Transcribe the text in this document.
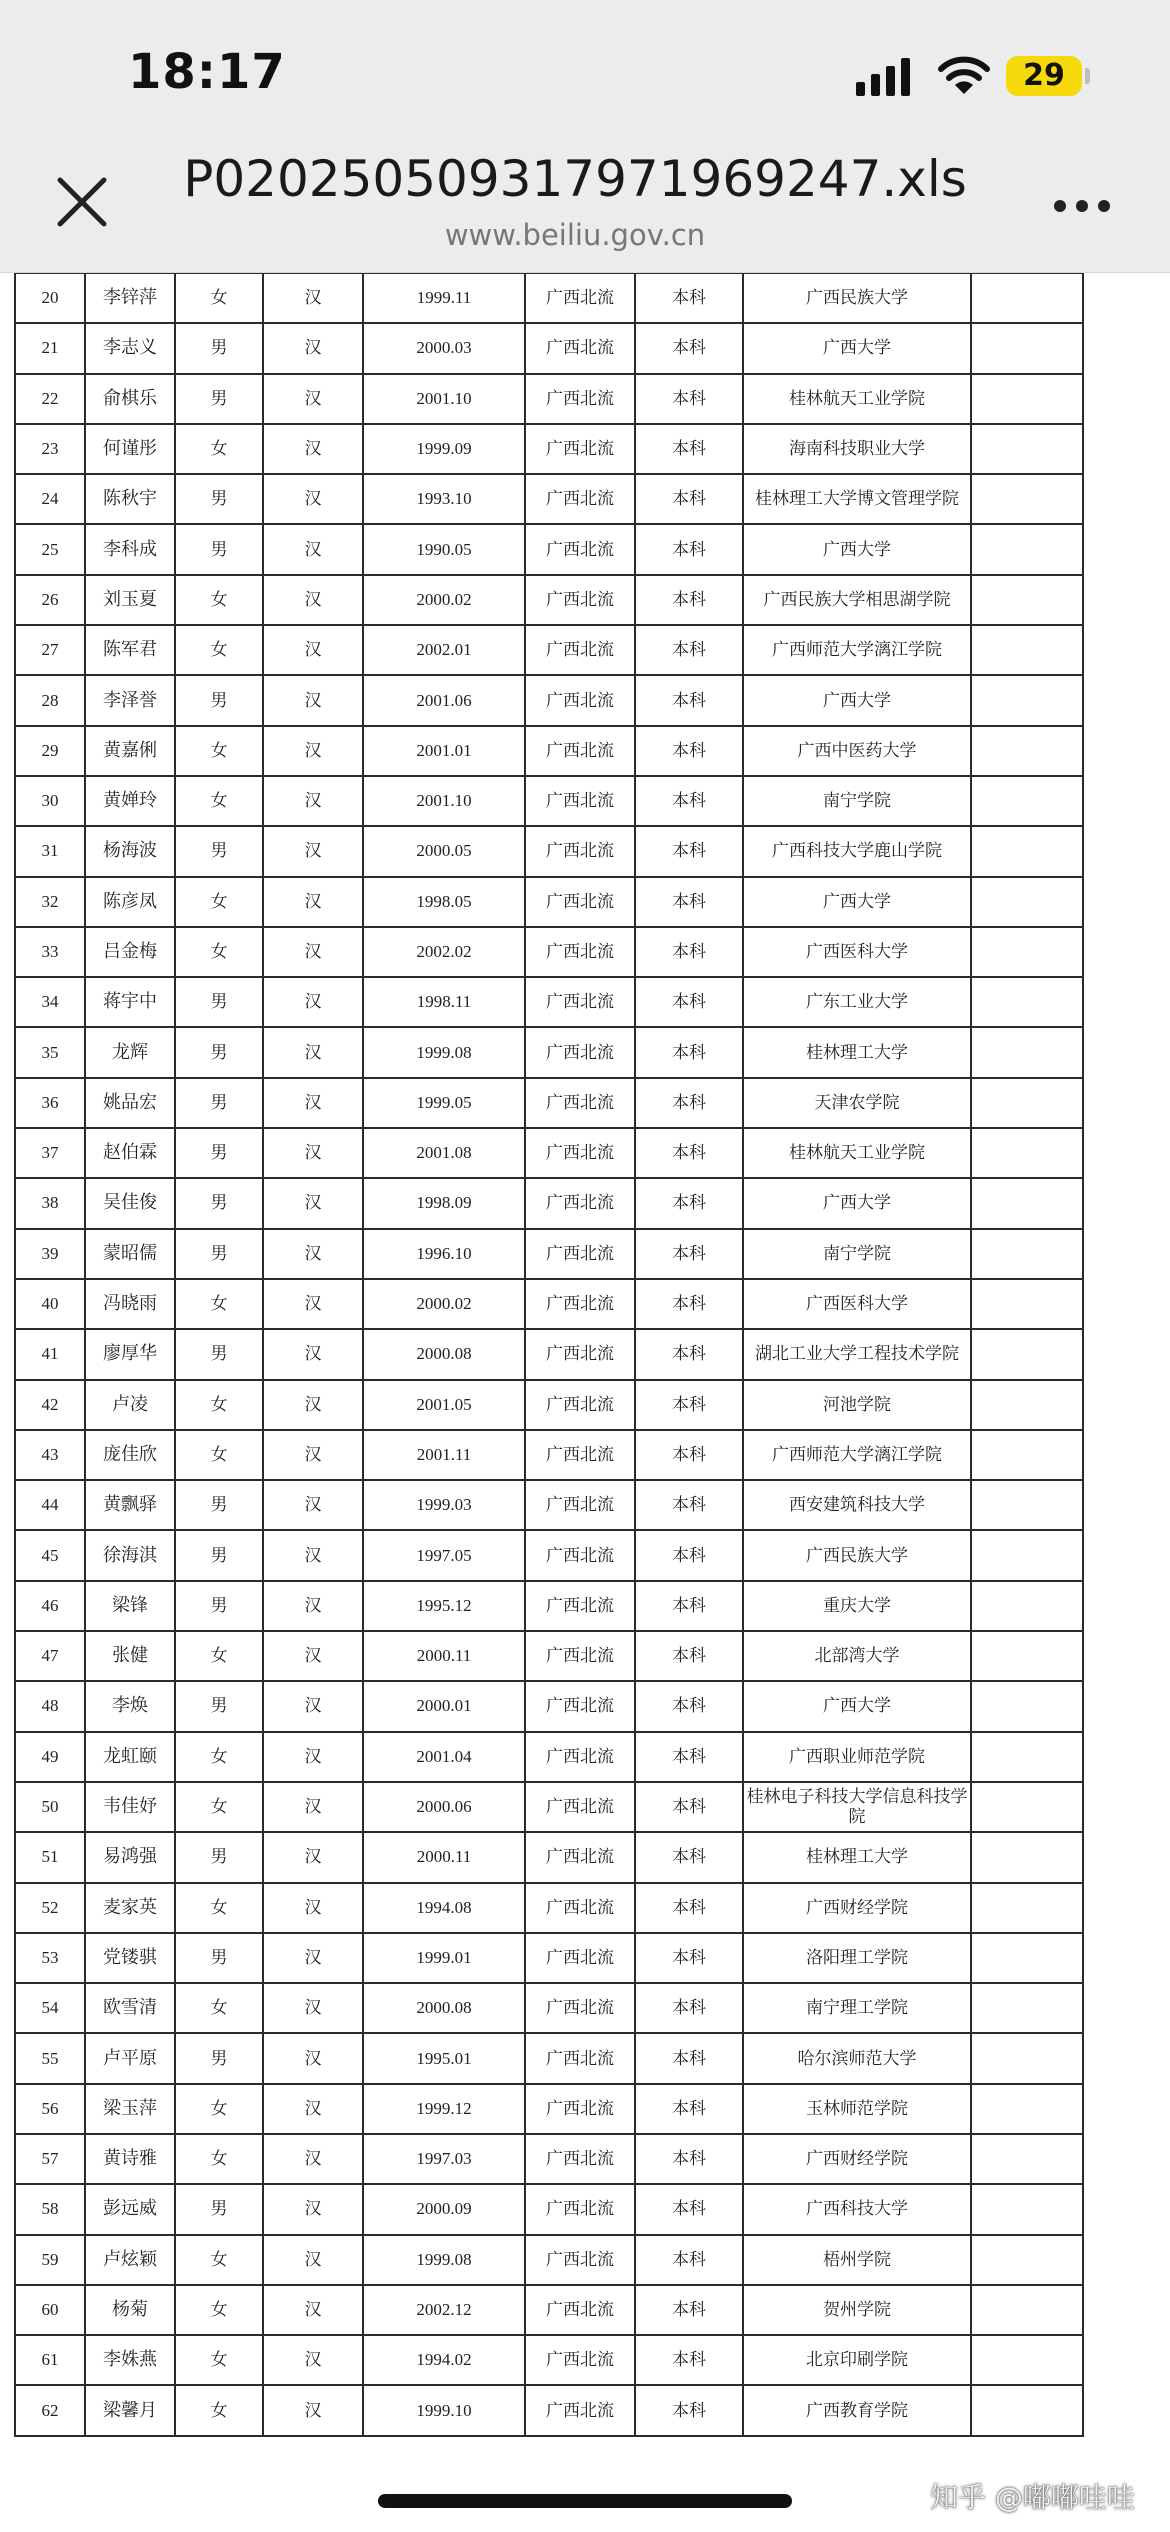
18:17	29
P020250509317971969247.xls
www.beiliu.gov.cn
20	李锌萍	女	汉	1999.11	广西北流	本科	广西民族大学	
21	李志义	男	汉	2000.03	广西北流	本科	广西大学	
22	俞棋乐	男	汉	2001.10	广西北流	本科	桂林航天工业学院	
23	何谨彤	女	汉	1999.09	广西北流	本科	海南科技职业大学	
24	陈秋宇	男	汉	1993.10	广西北流	本科	桂林理工大学博文管理学院	
25	李科成	男	汉	1990.05	广西北流	本科	广西大学	
26	刘玉夏	女	汉	2000.02	广西北流	本科	广西民族大学相思湖学院	
27	陈军君	女	汉	2002.01	广西北流	本科	广西师范大学漓江学院	
28	李泽誉	男	汉	2001.06	广西北流	本科	广西大学	
29	黄嘉俐	女	汉	2001.01	广西北流	本科	广西中医药大学	
30	黄婵玲	女	汉	2001.10	广西北流	本科	南宁学院	
31	杨海波	男	汉	2000.05	广西北流	本科	广西科技大学鹿山学院	
32	陈彦凤	女	汉	1998.05	广西北流	本科	广西大学	
33	吕金梅	女	汉	2002.02	广西北流	本科	广西医科大学	
34	蒋宇中	男	汉	1998.11	广西北流	本科	广东工业大学	
35	龙辉	男	汉	1999.08	广西北流	本科	桂林理工大学	
36	姚品宏	男	汉	1999.05	广西北流	本科	天津农学院	
37	赵伯霖	男	汉	2001.08	广西北流	本科	桂林航天工业学院	
38	吴佳俊	男	汉	1998.09	广西北流	本科	广西大学	
39	蒙昭儒	男	汉	1996.10	广西北流	本科	南宁学院	
40	冯晓雨	女	汉	2000.02	广西北流	本科	广西医科大学	
41	廖厚华	男	汉	2000.08	广西北流	本科	湖北工业大学工程技术学院	
42	卢凌	女	汉	2001.05	广西北流	本科	河池学院	
43	庞佳欣	女	汉	2001.11	广西北流	本科	广西师范大学漓江学院	
44	黄飘驿	男	汉	1999.03	广西北流	本科	西安建筑科技大学	
45	徐海淇	男	汉	1997.05	广西北流	本科	广西民族大学	
46	梁锋	男	汉	1995.12	广西北流	本科	重庆大学	
47	张健	女	汉	2000.11	广西北流	本科	北部湾大学	
48	李焕	男	汉	2000.01	广西北流	本科	广西大学	
49	龙虹颐	女	汉	2001.04	广西北流	本科	广西职业师范学院	
50	韦佳妤	女	汉	2000.06	广西北流	本科	桂林电子科技大学信息科技学院	
51	易鸿强	男	汉	2000.11	广西北流	本科	桂林理工大学	
52	麦家英	女	汉	1994.08	广西北流	本科	广西财经学院	
53	党镂骐	男	汉	1999.01	广西北流	本科	洛阳理工学院	
54	欧雪清	女	汉	2000.08	广西北流	本科	南宁理工学院	
55	卢平原	男	汉	1995.01	广西北流	本科	哈尔滨师范大学	
56	梁玉萍	女	汉	1999.12	广西北流	本科	玉林师范学院	
57	黄诗雅	女	汉	1997.03	广西北流	本科	广西财经学院	
58	彭远威	男	汉	2000.09	广西北流	本科	广西科技大学	
59	卢炫颖	女	汉	1999.08	广西北流	本科	梧州学院	
60	杨菊	女	汉	2002.12	广西北流	本科	贺州学院	
61	李姝燕	女	汉	1994.02	广西北流	本科	北京印刷学院	
62	梁馨月	女	汉	1999.10	广西北流	本科	广西教育学院	
知乎 @嘟嘟哇哇
